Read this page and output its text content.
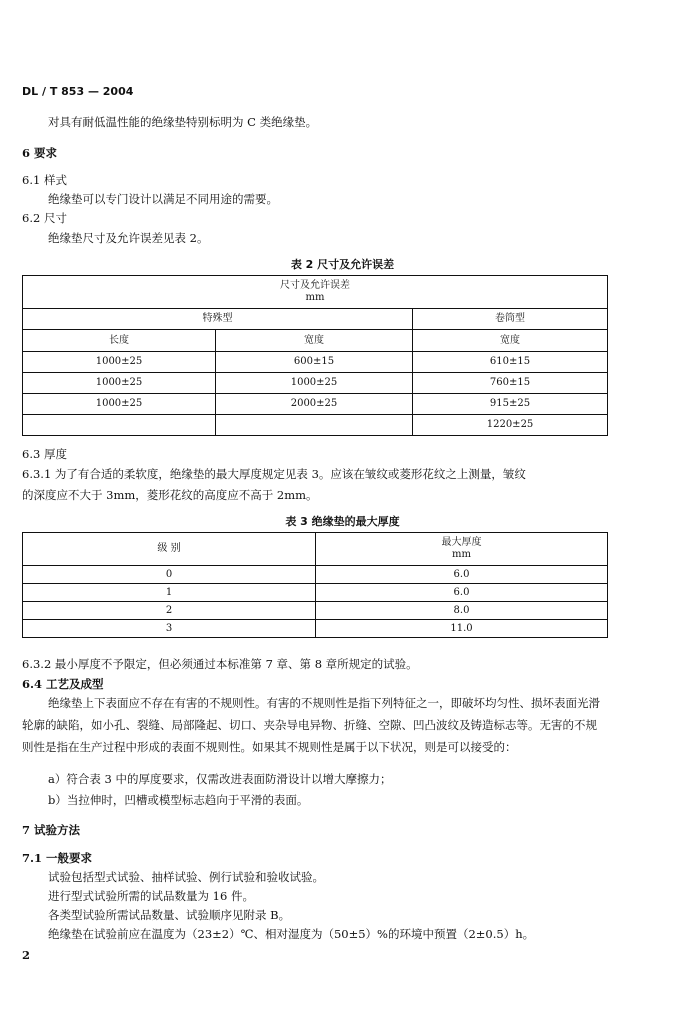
DL / T 853 — 2004
对具有耐低温性能的绝缘垫特别标明为 C 类绝缘垫。
6 要求
6.1 样式
绝缘垫可以专门设计以满足不同用途的需要。
6.2 尺寸
绝缘垫尺寸及允许误差见表 2。
表 2 尺寸及允许误差
尺寸及允许误差
mm		

特殊型		卷筒型
长度	宽度	宽度
1000±25	600±15	610±15
1000±25	1000±25	760±15
1000±25	2000±25	915±25
		1220±25
6.3 厚度
6.3.1 为了有合适的柔软度，绝缘垫的最大厚度规定见表 3。应该在皱纹或菱形花纹之上测量，皱纹
的深度应不大于 3mm，菱形花纹的高度应不高于 2mm。
表 3 绝缘垫的最大厚度
级 别	最大厚度
mm

0	6.0
1	6.0
2	8.0
3	11.0
6.3.2 最小厚度不予限定，但必须通过本标准第 7 章、第 8 章所规定的试验。
6.4 工艺及成型
绝缘垫上下表面应不存在有害的不规则性。有害的不规则性是指下列特征之一，即破坏均匀性、损坏表面光滑轮廓的缺陷，如小孔、裂缝、局部隆起、切口、夹杂导电异物、折缝、空隙、凹凸波纹及铸造标志等。无害的不规则性是指在生产过程中形成的表面不规则性。如果其不规则性是属于以下状况，则是可以接受的：
a）符合表 3 中的厚度要求，仅需改进表面防滑设计以增大摩擦力；
b）当拉伸时，凹槽或模型标志趋向于平滑的表面。
7 试验方法
7.1 一般要求
试验包括型式试验、抽样试验、例行试验和验收试验。
进行型式试验所需的试品数量为 16 件。
各类型试验所需试品数量、试验顺序见附录 B。
绝缘垫在试验前应在温度为（23±2）℃、相对湿度为（50±5）%的环境中预置（2±0.5）h。
2
